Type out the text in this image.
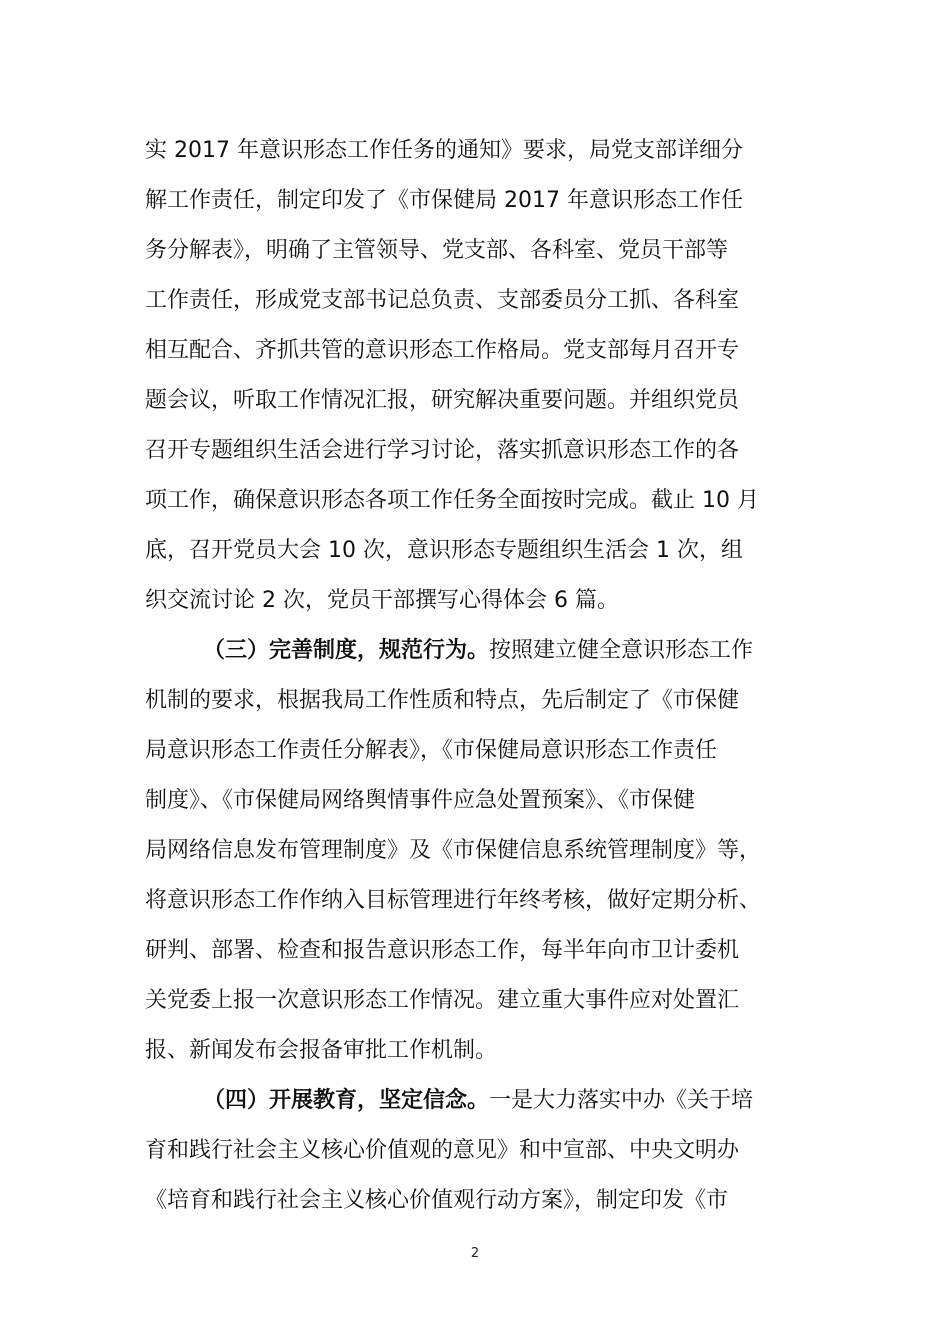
实 2017 年意识形态工作任务的通知》要求，局党支部详细分
解工作责任，制定印发了《市保健局 2017 年意识形态工作任
务分解表》，明确了主管领导、党支部、各科室、党员干部等
工作责任，形成党支部书记总负责、支部委员分工抓、各科室
相互配合、齐抓共管的意识形态工作格局。党支部每月召开专
题会议，听取工作情况汇报，研究解决重要问题。并组织党员
召开专题组织生活会进行学习讨论，落实抓意识形态工作的各
项工作，确保意识形态各项工作任务全面按时完成。截止 10 月
底，召开党员大会 10 次，意识形态专题组织生活会 1 次，组
织交流讨论 2 次，党员干部撰写心得体会 6 篇。
（三）完善制度，规范行为。按照建立健全意识形态工作
机制的要求，根据我局工作性质和特点，先后制定了《市保健
局意识形态工作责任分解表》，《市保健局意识形态工作责任
制度》、《市保健局网络舆情事件应急处置预案》、《市保健
局网络信息发布管理制度》及《市保健信息系统管理制度》等，
将意识形态工作作纳入目标管理进行年终考核，做好定期分析、
研判、部署、检查和报告意识形态工作，每半年向市卫计委机
关党委上报一次意识形态工作情况。建立重大事件应对处置汇
报、新闻发布会报备审批工作机制。
（四）开展教育，坚定信念。一是大力落实中办《关于培
育和践行社会主义核心价值观的意见》和中宣部、中央文明办
《培育和践行社会主义核心价值观行动方案》，制定印发《市
2
